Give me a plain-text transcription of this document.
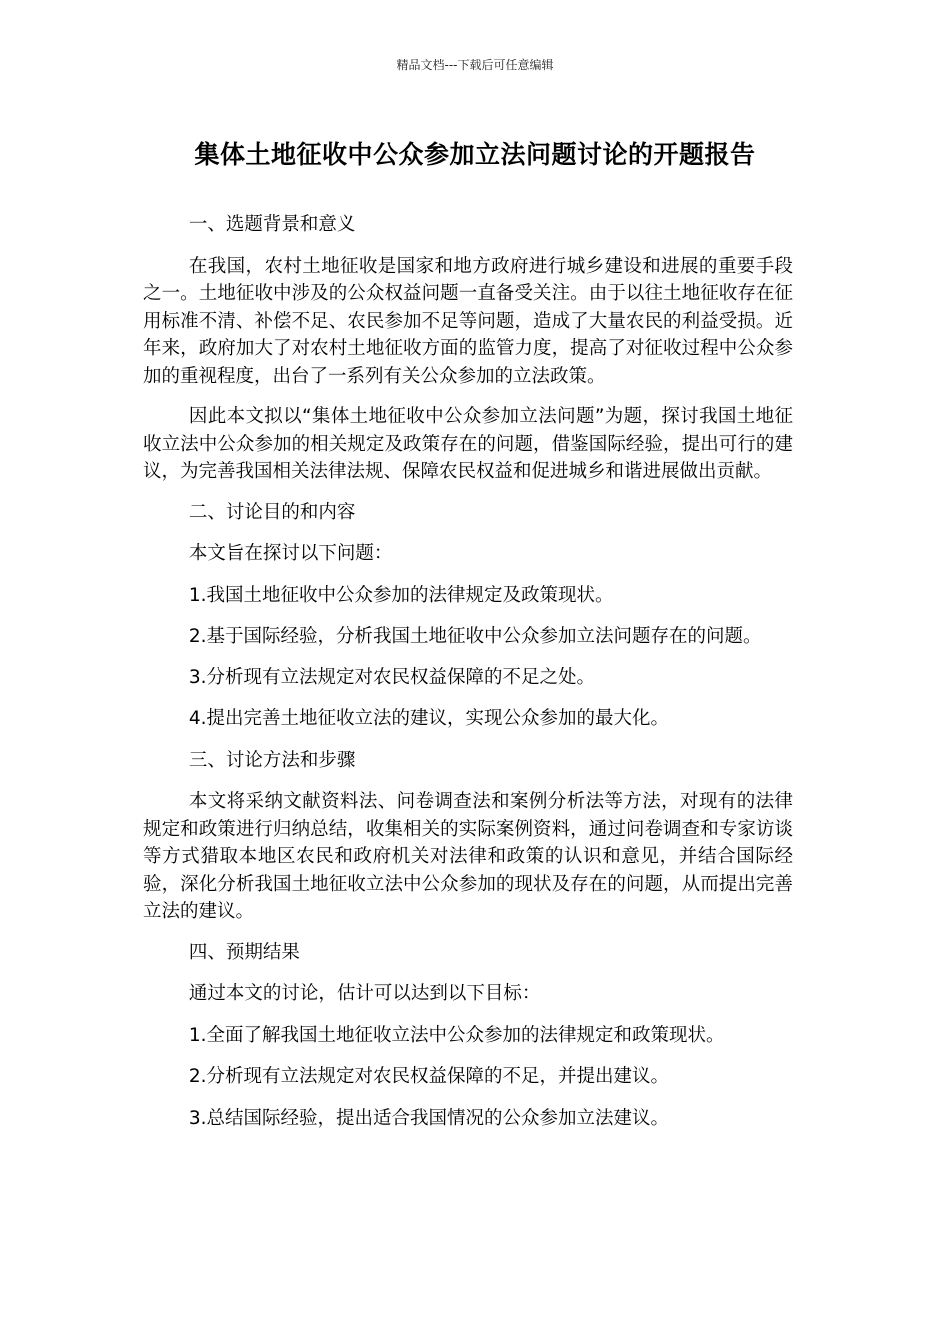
精品文档---下载后可任意编辑
集体土地征收中公众参加立法问题讨论的开题报告

一、选题背景和意义

在我国，农村土地征收是国家和地方政府进行城乡建设和进展的重要手段之一。土地征收中涉及的公众权益问题一直备受关注。由于以往土地征收存在征用标准不清、补偿不足、农民参加不足等问题，造成了大量农民的利益受损。近年来，政府加大了对农村土地征收方面的监管力度，提高了对征收过程中公众参加的重视程度，出台了一系列有关公众参加的立法政策。

因此本文拟以“集体土地征收中公众参加立法问题”为题，探讨我国土地征收立法中公众参加的相关规定及政策存在的问题，借鉴国际经验，提出可行的建议，为完善我国相关法律法规、保障农民权益和促进城乡和谐进展做出贡献。

二、讨论目的和内容

本文旨在探讨以下问题：

1.我国土地征收中公众参加的法律规定及政策现状。

2.基于国际经验，分析我国土地征收中公众参加立法问题存在的问题。

3.分析现有立法规定对农民权益保障的不足之处。

4.提出完善土地征收立法的建议，实现公众参加的最大化。

三、讨论方法和步骤

本文将采纳文献资料法、问卷调查法和案例分析法等方法，对现有的法律规定和政策进行归纳总结，收集相关的实际案例资料，通过问卷调查和专家访谈等方式猎取本地区农民和政府机关对法律和政策的认识和意见，并结合国际经验，深化分析我国土地征收立法中公众参加的现状及存在的问题，从而提出完善立法的建议。

四、预期结果

通过本文的讨论，估计可以达到以下目标：

1.全面了解我国土地征收立法中公众参加的法律规定和政策现状。

2.分析现有立法规定对农民权益保障的不足，并提出建议。

3.总结国际经验，提出适合我国情况的公众参加立法建议。
